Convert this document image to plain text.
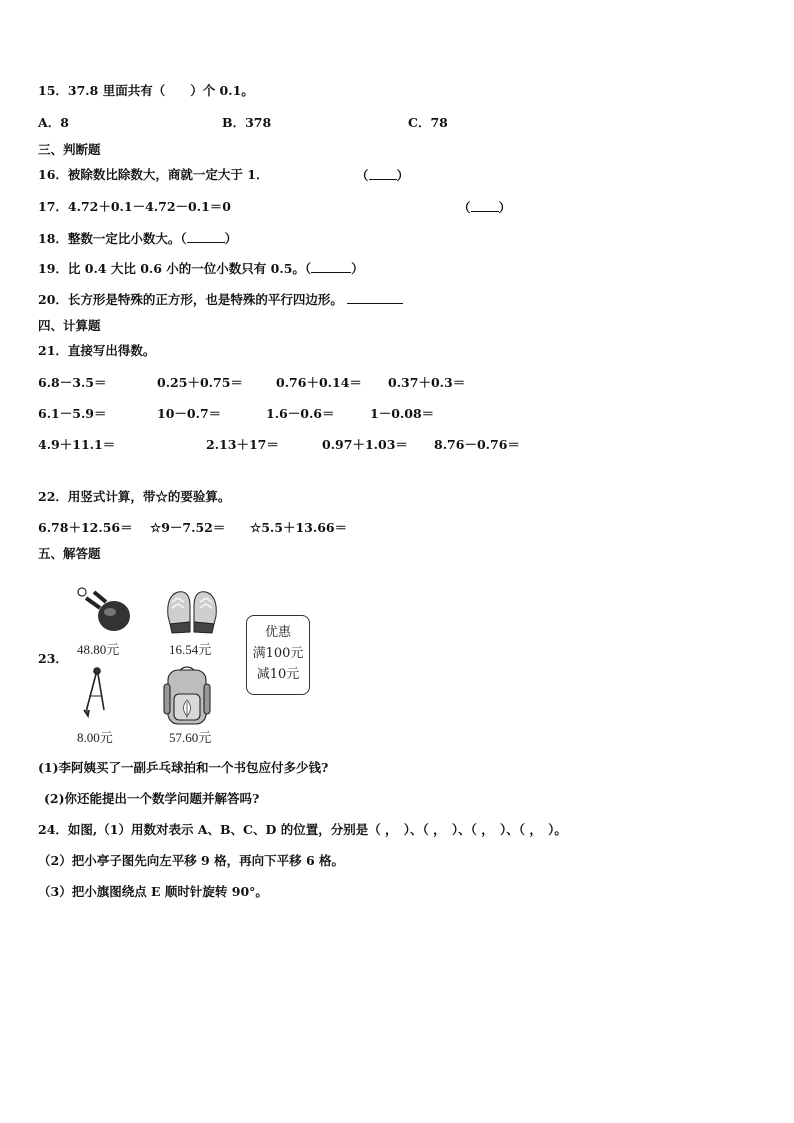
15．37.8 里面共有（　　）个 0.1。
A．8	B．378	C．78
三、判断题
16．被除数比除数大，商就一定大于 1．	（ ）
17．4.72＋0.1－4.72－0.1＝0	（ ）
18．整数一定比小数大。（	）
19．比 0.4 大比 0.6 小的一位小数只有 0.5。（	）
20．长方形是特殊的正方形，也是特殊的平行四边形。
四、计算题
21．直接写出得数。
6.8－3.5＝	0.25＋0.75＝	0.76＋0.14＝ 0.37＋0.3＝
6.1－5.9＝	10－0.7＝	1.6－0.6＝	1－0.08＝
4.9＋11.1＝	2.13＋17＝	0.97＋1.03＝ 8.76－0.76＝
22．用竖式计算，带☆的要验算。
6.78＋12.56＝ ☆9－7.52＝ ☆5.5＋13.66＝
五、解答题
23．
48.80元	16.54元
8.00元	57.60元
优惠
满100元
减10元
(1)李阿姨买了一副乒乓球拍和一个书包应付多少钱?
(2)你还能提出一个数学问题并解答吗?
24．如图,（1）用数对表示 A、B、C、D 的位置，分别是（ ，　）、（ ，　）、（ ，　）、（ ，　）。
（2）把小亭子图先向左平移 9 格，再向下平移 6 格。
（3）把小旗图绕点 E 顺时针旋转 90°。
